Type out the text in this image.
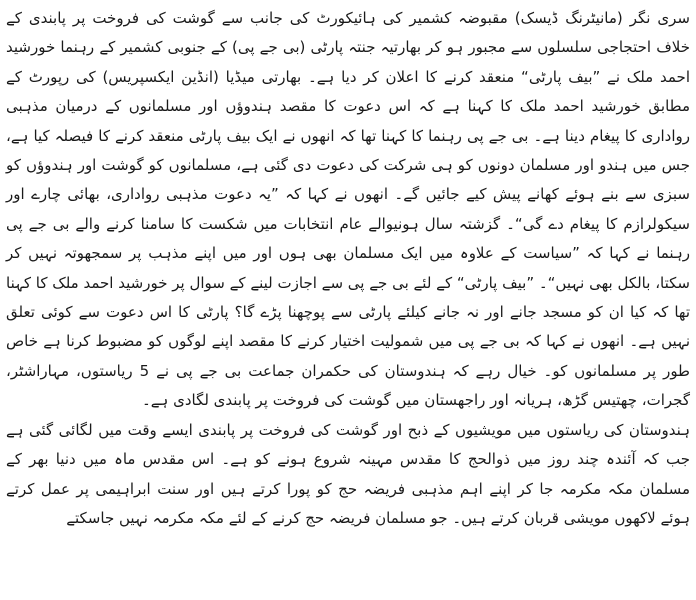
سری نگر (مانیٹرنگ ڈیسک) مقبوضہ کشمیر کی ہائیکورٹ کی جانب سے گوشت کی فروخت پر پابندی کے خلاف احتجاجی سلسلوں سے مجبور ہو کر بھارتیہ جنتہ پارٹی (بی جے پی) کے جنوبی کشمیر کے رہنما خورشید احمد ملک نے ”بیف پارٹی“ منعقد کرنے کا اعلان کر دیا ہے۔ بھارتی میڈیا (انڈین ایکسپریس) کی رپورٹ کے مطابق خورشید احمد ملک کا کہنا ہے کہ اس دعوت کا مقصد ہندوؤں اور مسلمانوں کے درمیان مذہبی رواداری کا پیغام دینا ہے۔ بی جے پی رہنما کا کہنا تھا کہ انھوں نے ایک بیف پارٹی منعقد کرنے کا فیصلہ کیا ہے، جس میں ہندو اور مسلمان دونوں کو ہی شرکت کی دعوت دی گئی ہے، مسلمانوں کو گوشت اور ہندوؤں کو سبزی سے بنے ہوئے کھانے پیش کیے جائیں گے۔ انھوں نے کہا کہ ”یہ دعوت مذہبی رواداری، بھائی چارے اور سیکولرازم کا پیغام دے گی“۔ گزشتہ سال ہونیوالے عام انتخابات میں شکست کا سامنا کرنے والے بی جے پی رہنما نے کہا کہ ”سیاست کے علاوہ میں ایک مسلمان بھی ہوں اور میں اپنے مذہب پر سمجھوتہ نہیں کر سکتا، بالکل بھی نہیں“۔ ”بیف پارٹی“ کے لئے بی جے پی سے اجازت لینے کے سوال پر خورشید احمد ملک کا کہنا تھا کہ کیا ان کو مسجد جانے اور نہ جانے کیلئے پارٹی سے پوچھنا پڑے گا؟ پارٹی کا اس دعوت سے کوئی تعلق نہیں ہے۔ انھوں نے کہا کہ بی جے پی میں شمولیت اختیار کرنے کا مقصد اپنے لوگوں کو مضبوط کرنا ہے خاص طور پر مسلمانوں کو۔ خیال رہے کہ ہندوستان کی حکمران جماعت بی جے پی نے 5 ریاستوں، مہاراشٹر، گجرات، چھتیس گڑھ، ہریانہ اور راجھستان میں گوشت کی فروخت پر پابندی لگادی ہے۔

ہندوستان کی ریاستوں میں مویشیوں کے ذبح اور گوشت کی فروخت پر پابندی ایسے وقت میں لگائی گئی ہے جب کہ آئندہ چند روز میں ذوالحج کا مقدس مہینہ شروع ہونے کو ہے۔ اس مقدس ماہ میں دنیا بھر کے مسلمان مکہ مکرمہ جا کر اپنے اہم مذہبی فریضہ حج کو پورا کرتے ہیں اور سنت ابراہیمی پر عمل کرتے ہوئے لاکھوں مویشی قربان کرتے ہیں۔ جو مسلمان فریضہ حج کرنے کے لئے مکہ مکرمہ نہیں جاسکتے
